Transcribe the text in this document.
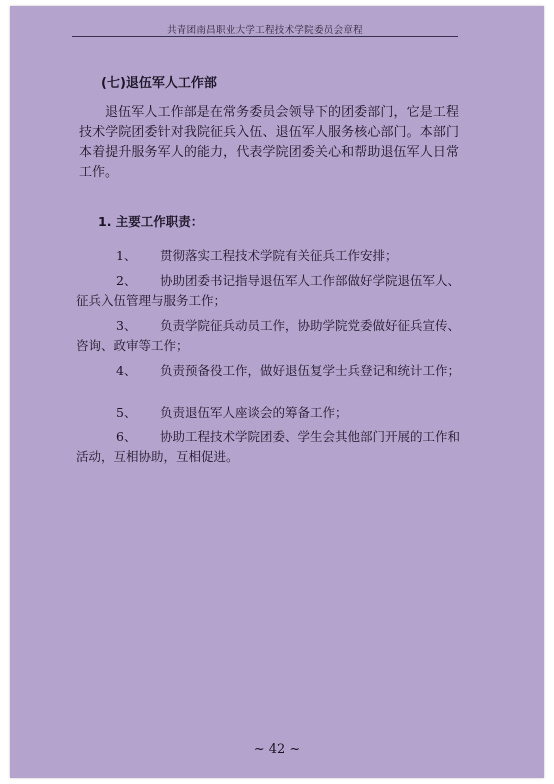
共青团南昌职业大学工程技术学院委员会章程
(七)退伍军人工作部

退伍军人工作部是在常务委员会领导下的团委部门，它是工程技术学院团委针对我院征兵入伍、退伍军人服务核心部门。本部门本着提升服务军人的能力，代表学院团委关心和帮助退伍军人日常工作。

1. 主要工作职责：

1、 贯彻落实工程技术学院有关征兵工作安排；

2、 协助团委书记指导退伍军人工作部做好学院退伍军人、征兵入伍管理与服务工作；

3、 负责学院征兵动员工作，协助学院党委做好征兵宣传、咨询、政审等工作；

4、 负责预备役工作，做好退伍复学士兵登记和统计工作；

5、 负责退伍军人座谈会的筹备工作；

6、 协助工程技术学院团委、学生会其他部门开展的工作和活动，互相协助，互相促进。

~ 42 ~
